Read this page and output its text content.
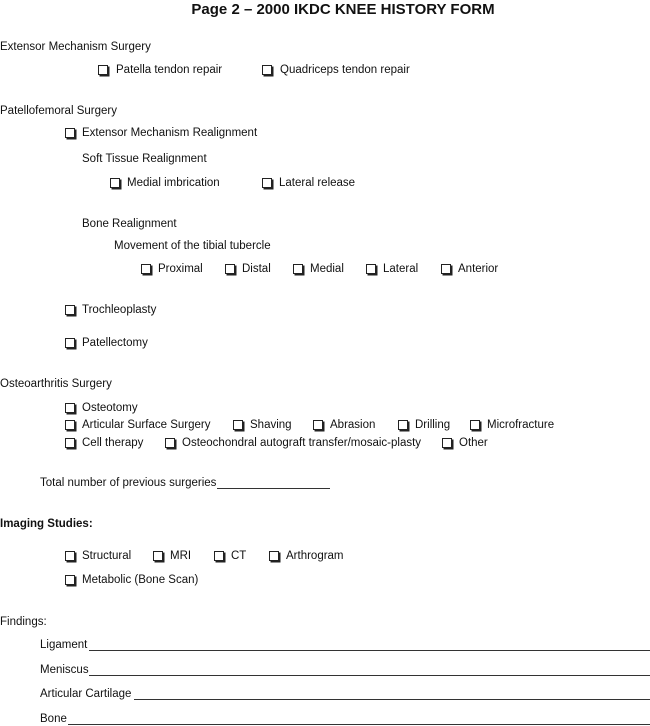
Page 2 – 2000 IKDC KNEE HISTORY FORM
Extensor Mechanism Surgery
Patella tendon repair	Quadriceps tendon repair
Patellofemoral Surgery
Extensor Mechanism Realignment
Soft Tissue Realignment
Medial imbrication	Lateral release
Bone Realignment
Movement of the tibial tubercle
Proximal	Distal	Medial	Lateral	Anterior
Trochleoplasty
Patellectomy
Osteoarthritis Surgery
Osteotomy
Articular Surface Surgery	Shaving	Abrasion	Drilling	Microfracture
Cell therapy	Osteochondral autograft transfer/mosaic-plasty	Other
Total number of previous surgeries
Imaging Studies:
Structural	MRI	CT	Arthrogram
Metabolic (Bone Scan)
Findings:
Ligament
Meniscus
Articular Cartilage
Bone
